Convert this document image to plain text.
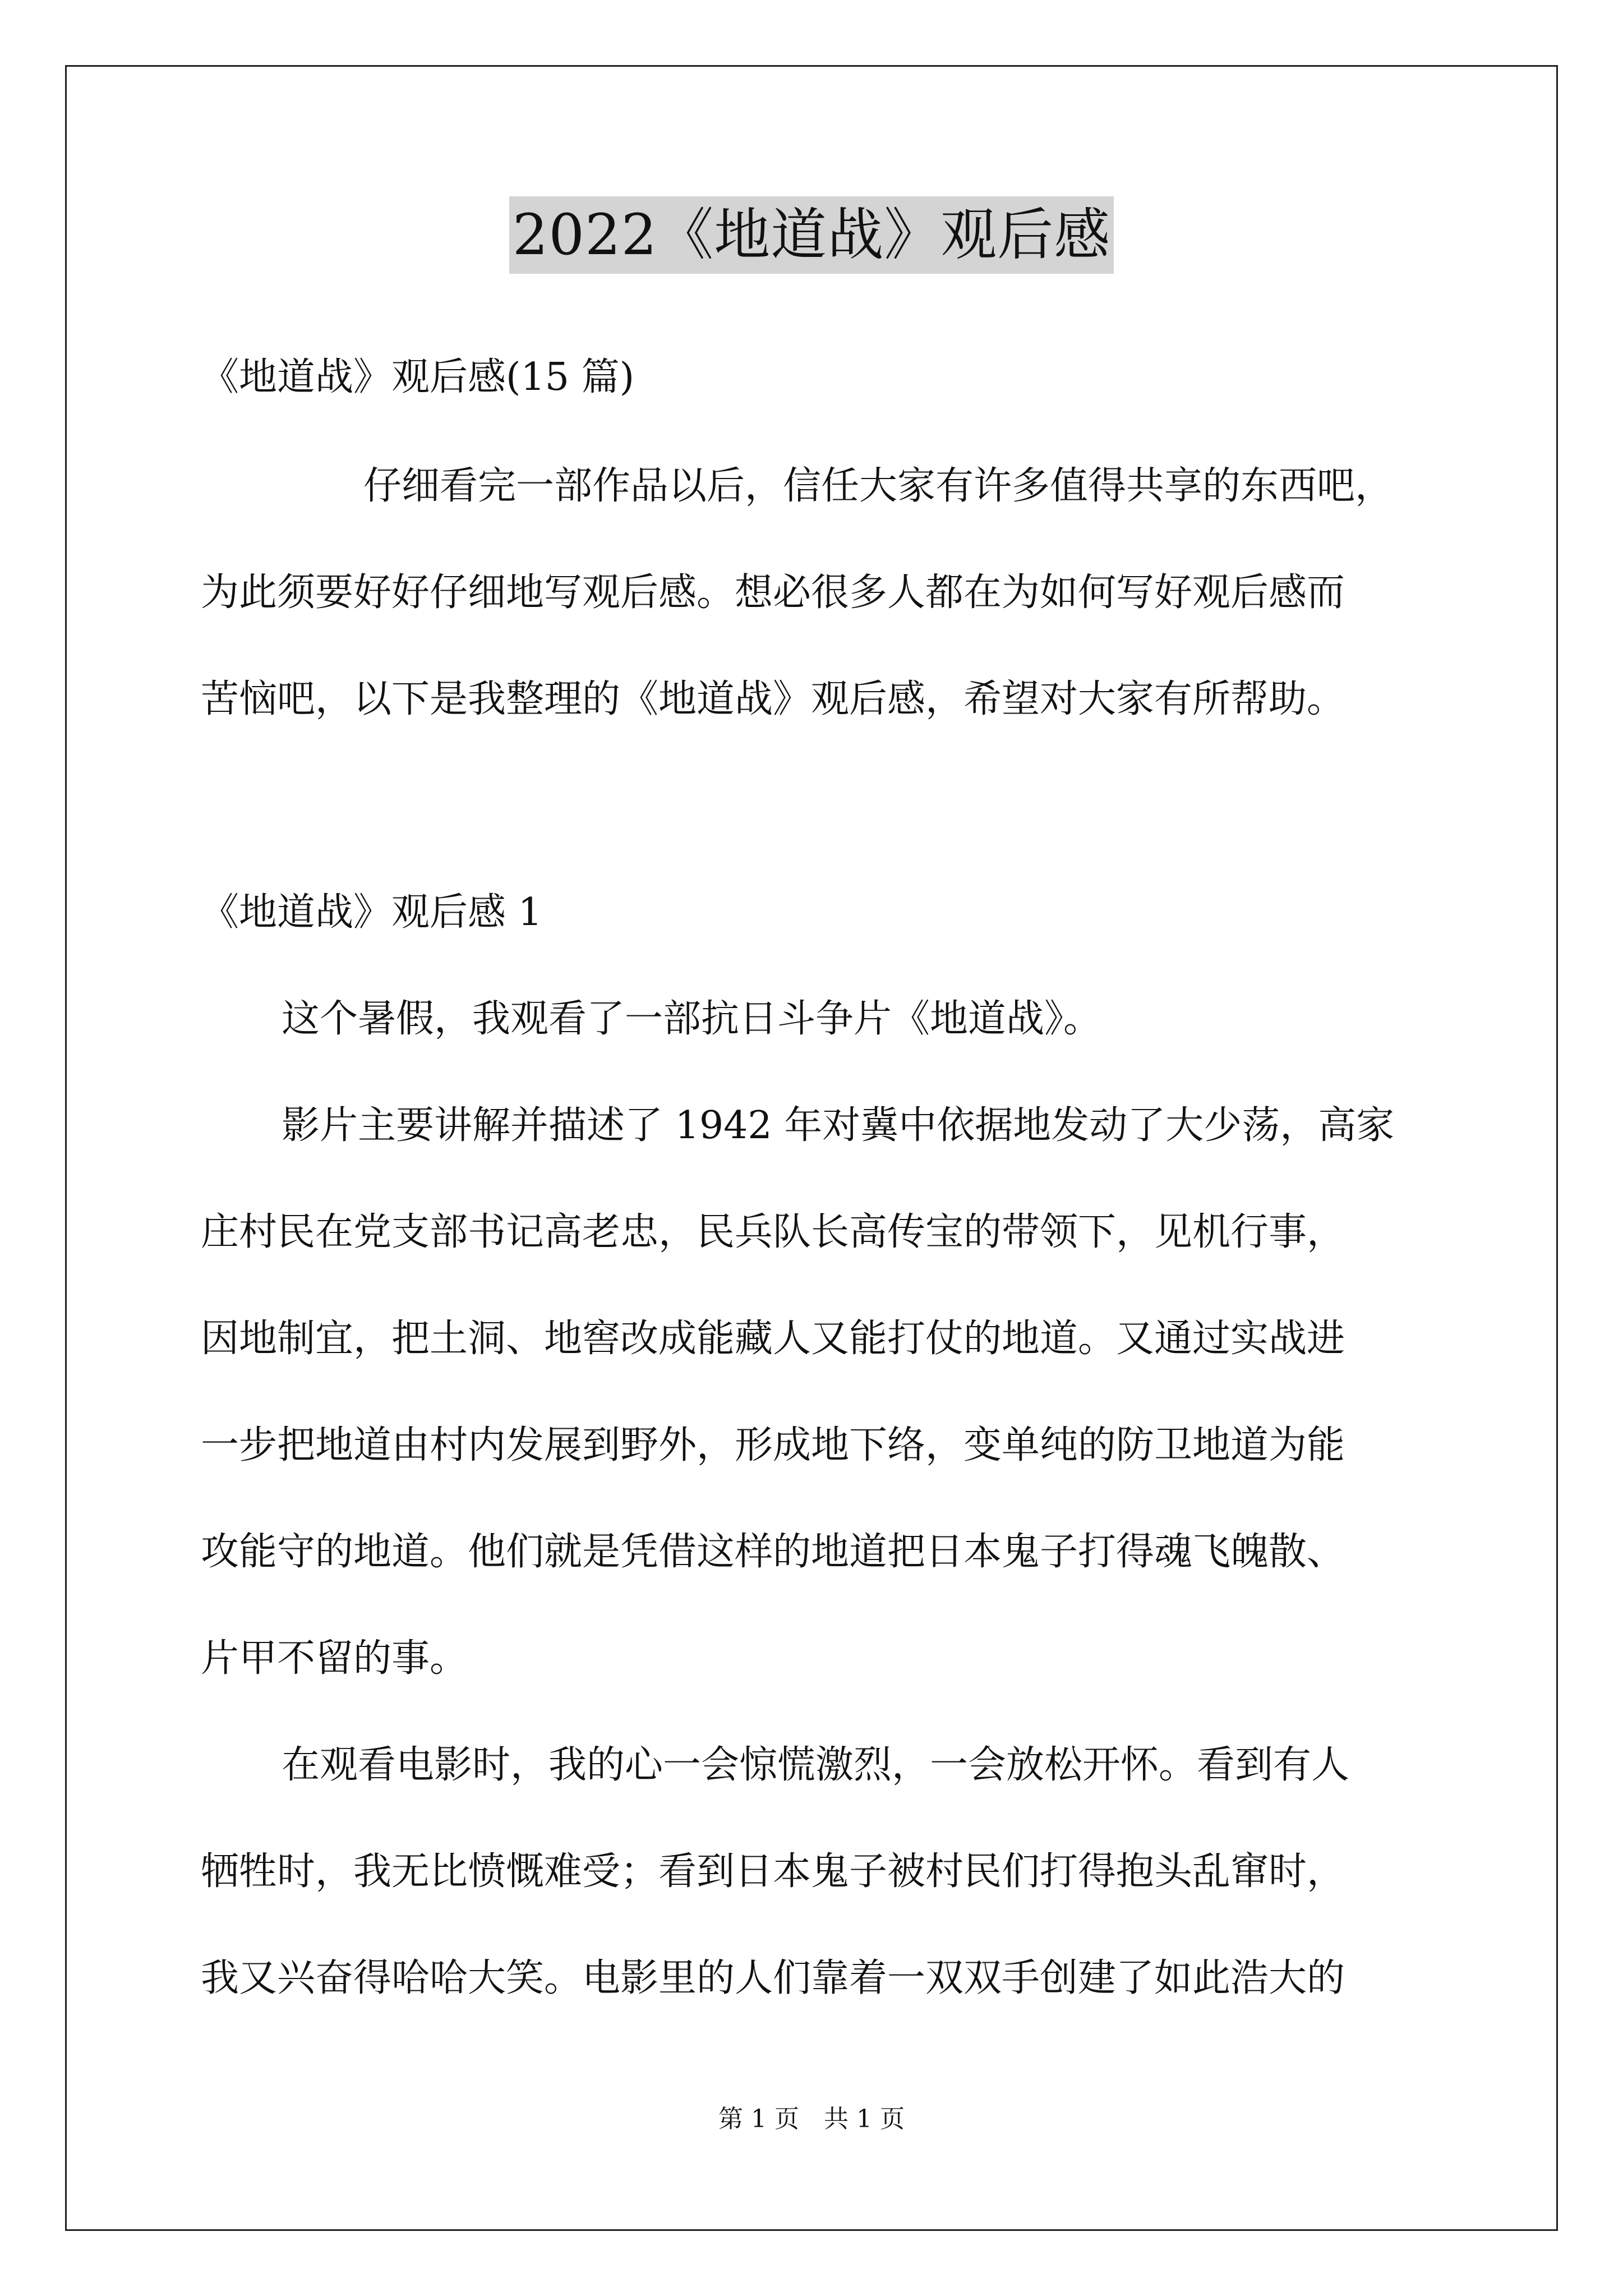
2022《地道战》观后感
《地道战》观后感(15 篇)
仔细看完一部作品以后，信任大家有许多值得共享的东西吧，
为此须要好好仔细地写观后感。想必很多人都在为如何写好观后感而
苦恼吧，以下是我整理的《地道战》观后感，希望对大家有所帮助。
《地道战》观后感 1
这个暑假，我观看了一部抗日斗争片《地道战》。
影片主要讲解并描述了 1942 年对冀中依据地发动了大少荡，高家
庄村民在党支部书记高老忠，民兵队长高传宝的带领下，见机行事，
因地制宜，把土洞、地窖改成能藏人又能打仗的地道。又通过实战进
一步把地道由村内发展到野外，形成地下络，变单纯的防卫地道为能
攻能守的地道。他们就是凭借这样的地道把日本鬼子打得魂飞魄散、
片甲不留的事。
在观看电影时，我的心一会惊慌激烈，一会放松开怀。看到有人
牺牲时，我无比愤慨难受；看到日本鬼子被村民们打得抱头乱窜时，
我又兴奋得哈哈大笑。电影里的人们靠着一双双手创建了如此浩大的
第 1 页　共 1 页
